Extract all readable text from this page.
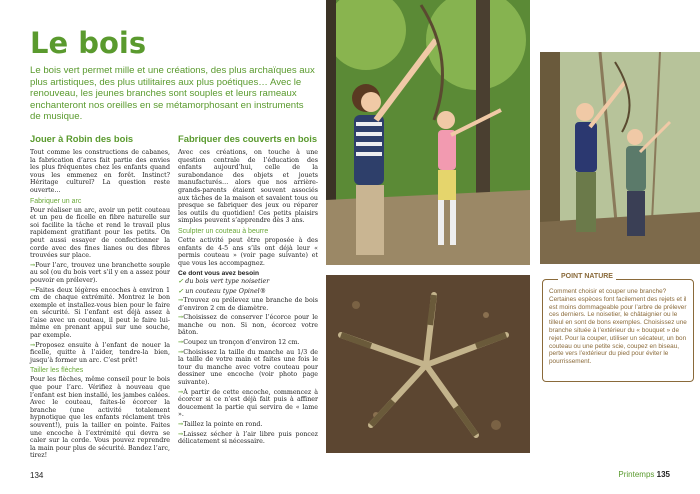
Le bois
Le bois vert permet mille et une créations, des plus archaïques aux plus artistiques, des plus utilitaires aux plus poétiques… Avec le renouveau, les jeunes branches sont souples et leurs rameaux enchanteront nos oreilles en se métamorphosant en instruments de musique.
Jouer à Robin des bois

Tout comme les constructions de cabanes, la fabrication d’arcs fait partie des envies les plus fréquentes chez les enfants quand vous les emmenez en forêt. Instinct? Héritage culturel? La question reste ouverte…

Fabriquer un arc

Pour réaliser un arc, avoir un petit couteau et un peu de ficelle en fibre naturelle sur soi facilite la tâche et rend le travail plus rapidement gratifiant pour les petits. On peut aussi essayer de confectionner la corde avec des fines lianes ou des fibres trouvées sur place.

→Pour l’arc, trouvez une branchette souple au sol (ou du bois vert s’il y en a assez pour pouvoir en prélever).

→Faites deux légères encoches à environ 1 cm de chaque extrémité. Montrez le bon exemple et installez-vous bien pour le faire en sécurité. Si l’enfant est déjà assez à l’aise avec un couteau, il peut le faire lui-même en prenant appui sur une souche, par exemple.

→Proposez ensuite à l’enfant de nouer la ficelle, quitte à l’aider, tendre-la bien, jusqu’à former un arc. C’est prêt!

Tailler les flèches

Pour les flèches, même conseil pour le bois que pour l’arc. Vérifiez à nouveau que l’enfant est bien installé, les jambes calées. Avec le couteau, faites-le écorcer la branche (une activité totalement hypnotique que les enfants réclament très souvent!), puis la tailler en pointe. Faites une encoche à l’extrémité qui devra se caler sur la corde. Vous pouvez reprendre la main pour plus de sécurité. Bandez l’arc, tirez!

Fabriquer des couverts en bois

Avec ces créations, on touche à une question centrale de l’éducation des enfants aujourd’hui, celle de la surabondance des objets et jouets manufacturés… alors que nos arrière-grands-parents étaient souvent associés aux tâches de la maison et savaient tous ou presque se fabriquer des jeux ou réparer les outils du quotidien! Ces petits plaisirs simples peuvent s’apprendre dès 3 ans.

Sculpter un couteau à beurre

Cette activité peut être proposée à des enfants de 4-5 ans s’ils ont déjà leur « permis couteau » (voir page suivante) et que vous les accompagnez.

Ce dont vous avez besoin

✓ du bois vert type noisetier

✓ un couteau type Opinel®

→Trouvez ou prélevez une branche de bois d’environ 2 cm de diamètre.

→Choisissez de conserver l’écorce pour le manche ou non. Si non, écorcez votre bâton.

→Coupez un tronçon d’environ 12 cm.

→Choisissez la taille du manche au 1/3 de la taille de votre main et faites une fois le tour du manche avec votre couteau pour dessiner une encoche (voir photo page suivante).

→À partir de cette encoche, commencez à écorcer si ce n’est déjà fait puis à affiner doucement la partie qui servira de « lame ».

→Taillez la pointe en rond.

→Laissez sécher à l’air libre puis poncez délicatement si nécessaire.

Comment choisir et couper une branche? Certaines espèces font facilement des rejets et il est moins dommageable pour l’arbre de prélever ces derniers. Le noisetier, le châtaignier ou le tilleul en sont de bons exemples. Choisissez une branche située à l’extérieur du « bouquet » de rejet. Pour la couper, utiliser un sécateur, un bon couteau ou une petite scie, coupez en biseau, perte vers l’extérieur du pied pour éviter le pourrissement.
POINT NATURE
134	Printemps 135
